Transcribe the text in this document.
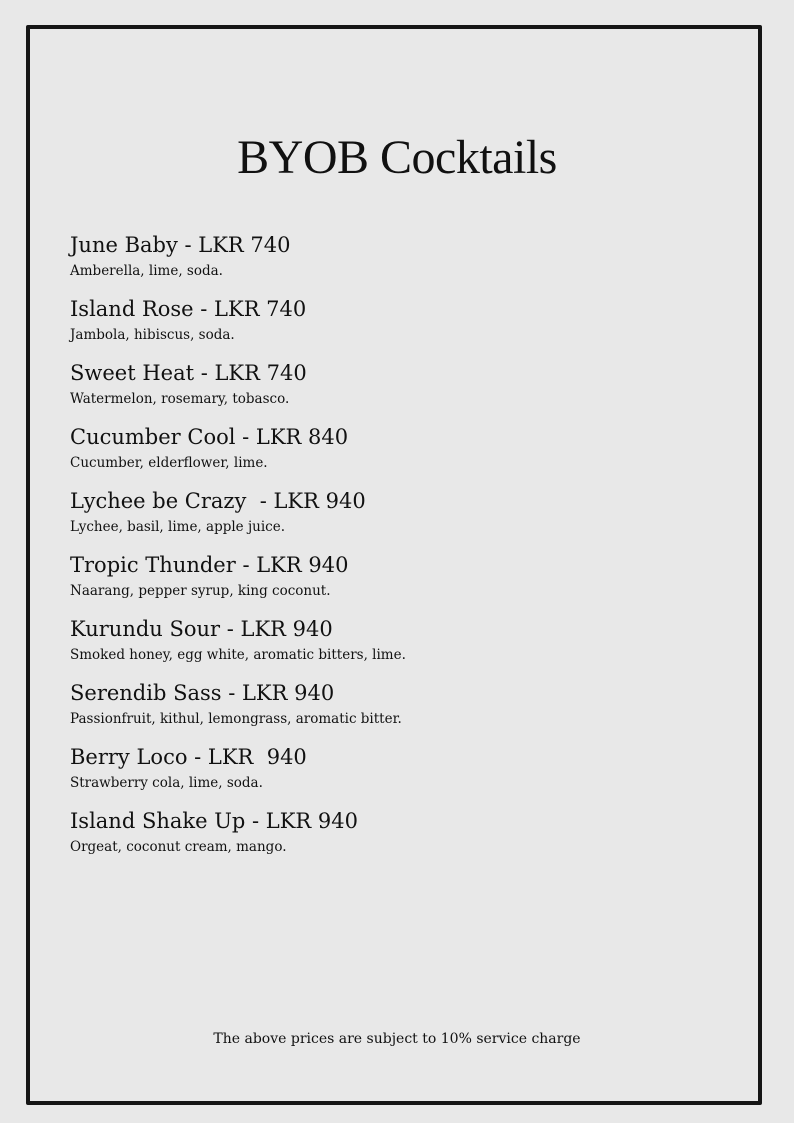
BYOB Cocktails
June Baby - LKR 740
Amberella, lime, soda.
Island Rose - LKR 740
Jambola, hibiscus, soda.
Sweet Heat - LKR 740
Watermelon, rosemary, tobasco.
Cucumber Cool - LKR 840
Cucumber, elderflower, lime.
Lychee be Crazy  - LKR 940
Lychee, basil, lime, apple juice.
Tropic Thunder - LKR 940
Naarang, pepper syrup, king coconut.
Kurundu Sour - LKR 940
Smoked honey, egg white, aromatic bitters, lime.
Serendib Sass - LKR 940
Passionfruit, kithul, lemongrass, aromatic bitter.
Berry Loco - LKR  940
Strawberry cola, lime, soda.
Island Shake Up - LKR 940
Orgeat, coconut cream, mango.
The above prices are subject to 10% service charge
